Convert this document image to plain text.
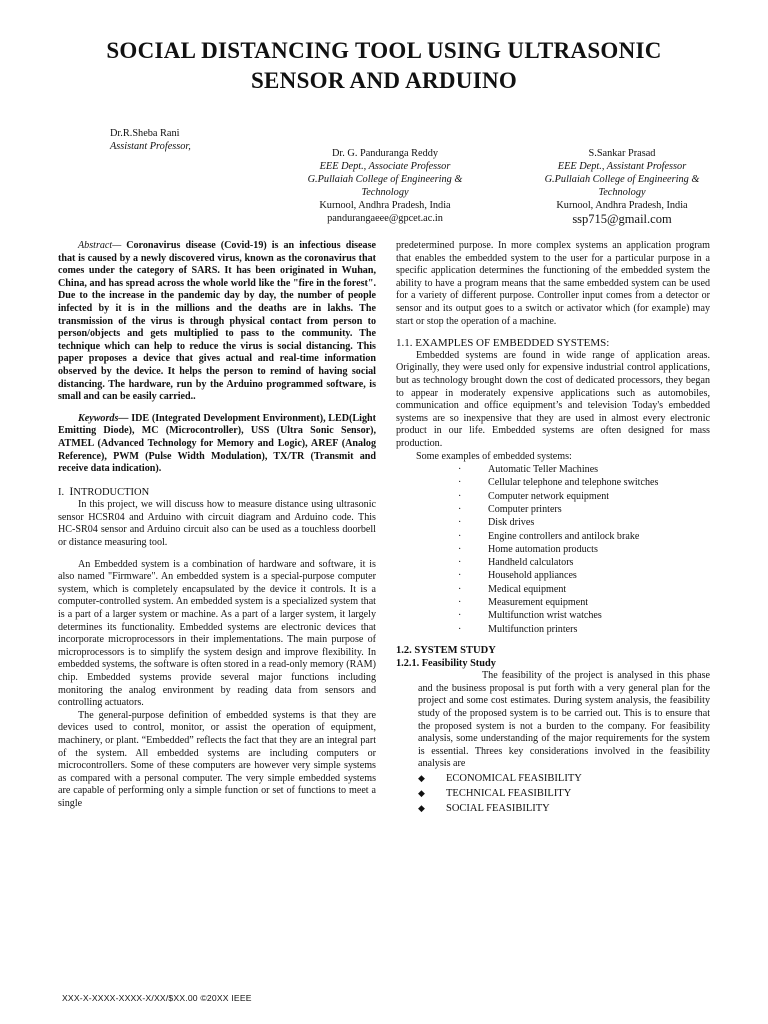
SOCIAL DISTANCING TOOL USING ULTRASONIC
SENSOR AND ARDUINO
Dr.R.Sheba Rani
Assistant Professor,
Dr. G. Panduranga Reddy
EEE Dept., Associate Professor
G.Pullaiah College of Engineering &
Technology
Kurnool, Andhra Pradesh, India
pandurangaeee@gpcet.ac.in
S.Sankar Prasad
EEE Dept., Assistant Professor
G.Pullaiah College of Engineering &
Technology
Kurnool, Andhra Pradesh, India
ssp715@gmail.com

Abstract— Coronavirus disease (Covid-19) is an infectious disease that is caused by a newly discovered virus, known as the coronavirus that comes under the category of SARS. It has been originated in Wuhan, China, and has spread across the whole world like the "fire in the forest". Due to the increase in the pandemic day by day, the number of people infected by it is in the millions and the deaths are in lakhs. The transmission of the virus is through physical contact from person to person/objects and gets multiplied to pass to the community. The technique which can help to reduce the virus is social distancing. This paper proposes a device that gives actual and real-time information observed by the device. It helps the person to remind of having social distancing. The hardware, run by the Arduino programmed software, is small and can be easily carried..

Keywords— IDE (Integrated Development Environment), LED(Light Emitting Diode), MC (Microcontroller), USS (Ultra Sonic Sensor), ATMEL (Advanced Technology for Memory and Logic), AREF (Analog Reference), PWM (Pulse Width Modulation), TX/TR (Transmit and receive data indication).

I. INTRODUCTION

In this project, we will discuss how to measure distance using ultrasonic sensor HCSR04 and Arduino with circuit diagram and Arduino code. This HC-SR04 sensor and Arduino circuit also can be used as a touchless doorbell or distance measuring tool.

An Embedded system is a combination of hardware and software, it is also named "Firmware". An embedded system is a special-purpose computer system, which is completely encapsulated by the device it controls. It is a computer-controlled system. An embedded system is a specialized system that is a part of a larger system or machine. As a part of a larger system, it largely determines its functionality. Embedded systems are electronic devices that incorporate microprocessors in their implementations. The main purpose of microprocessors is to simplify the system design and improve flexibility. In embedded systems, the software is often stored in a read-only memory (RAM) chip. Embedded systems provide several major functions including monitoring the analog environment by reading data from sensors and controlling actuators.

The general-purpose definition of embedded systems is that they are devices used to control, monitor, or assist the operation of equipment, machinery, or plant. “Embedded” reflects the fact that they are an integral part of the system. All embedded systems are including computers or microcontrollers. Some of these computers are however very simple systems as compared with a personal computer. The very simple embedded systems are capable of performing only a simple function or set of functions to meet a single

predetermined purpose. In more complex systems an application program that enables the embedded system to the user for a particular purpose in a specific application determines the functioning of the embedded system the ability to have a program means that the same embedded system can be used for a variety of different purpose. Controller input comes from a detector or sensor and its output goes to a switch or activator which (for example) may start or stop the operation of a machine.

1.1. EXAMPLES OF EMBEDDED SYSTEMS:

Embedded systems are found in wide range of application areas. Originally, they were used only for expensive industrial control applications, but as technology brought down the cost of dedicated processors, they began to appear in moderately expensive applications such as automobiles, communication and office equipment’s and television Today's embedded systems are so inexpensive that they are used in almost every electronic product in our life. Embedded systems are often designed for mass production.

Some examples of embedded systems:

·	Automatic Teller Machines
·	Cellular telephone and telephone switches
·	Computer network equipment
·	Computer printers
·	Disk drives
·	Engine controllers and antilock brake
·	Home automation products
·	Handheld calculators
·	Household appliances
·	Medical equipment
·	Measurement equipment
·	Multifunction wrist watches
·	Multifunction printers

1.2. SYSTEM STUDY

1.2.1. Feasibility Study

The feasibility of the project is analysed in this phase and the business proposal is put forth with a very general plan for the project and some cost estimates. During system analysis, the feasibility study of the proposed system is to be carried out. This is to ensure that the proposed system is not a burden to the company. For feasibility analysis, some understanding of the major requirements for the system is essential. Threes key considerations involved in the feasibility analysis are

◆ ECONOMICAL FEASIBILITY
◆ TECHNICAL FEASIBILITY
◆ SOCIAL FEASIBILITY
XXX-X-XXXX-XXXX-X/XX/$XX.00 ©20XX IEEE
